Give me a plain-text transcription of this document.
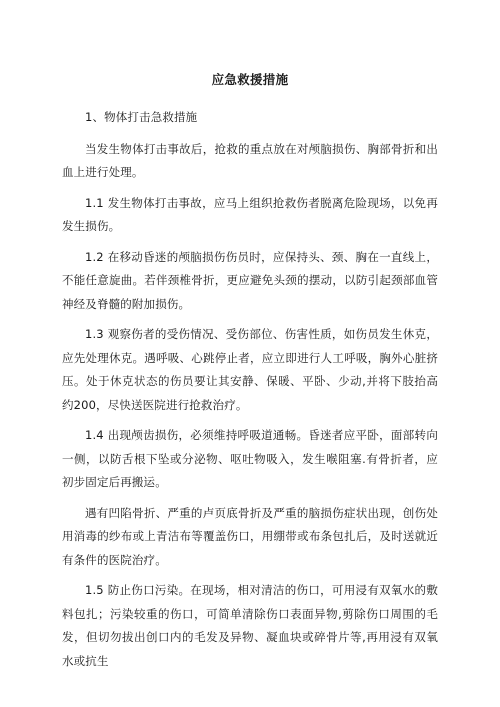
应急救援措施

1、物体打击急救措施

当发生物体打击事故后，抢救的重点放在对颅脑损伤、胸部骨折和出血上进行处理。

1.1 发生物体打击事故，应马上组织抢救伤者脱离危险现场，以免再发生损伤。

1.2 在移动昏迷的颅脑损伤伤员时，应保持头、颈、胸在一直线上，不能任意旋曲。若伴颈椎骨折，更应避免头颈的摆动，以防引起颈部血管神经及脊髓的附加损伤。

1.3 观察伤者的受伤情况、受伤部位、伤害性质，如伤员发生休克，应先处理休克。遇呼吸、心跳停止者，应立即进行人工呼吸，胸外心脏挤压。处于休克状态的伤员要让其安静、保暖、平卧、少动,并将下肢抬高约200，尽快送医院进行抢救治疗。

1.4 出现颅齿损伤，必须维持呼吸道通畅。昏迷者应平卧，面部转向一侧，以防舌根下坠或分泌物、呕吐物吸入，发生喉阻塞.有骨折者，应初步固定后再搬运。

遇有凹陷骨折、严重的卢页底骨折及严重的脑损伤症状出现，创伤处用消毒的纱布或上青洁布等覆盖伤口，用绷带或布条包扎后，及时送就近有条件的医院治疗。

1.5 防止伤口污染。在现场，相对清洁的伤口，可用浸有双氧水的敷料包扎；污染较重的伤口，可简单清除伤口表面异物,剪除伤口周围的毛发，但切勿拔出创口内的毛发及异物、凝血块或碎骨片等,再用浸有双氧水或抗生
